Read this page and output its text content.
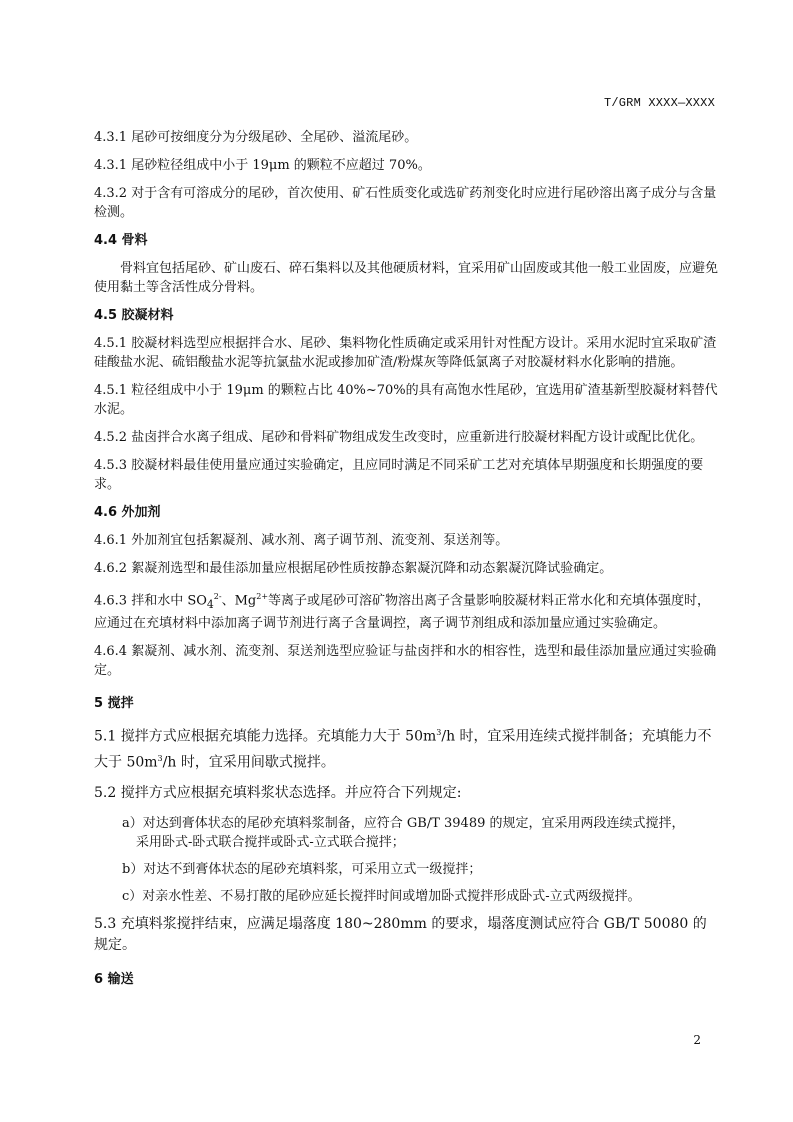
T/GRM XXXX—XXXX

4.3.1 尾砂可按细度分为分级尾砂、全尾砂、溢流尾砂。

4.3.1 尾砂粒径组成中小于 19μm 的颗粒不应超过 70%。

4.3.2 对于含有可溶成分的尾砂，首次使用、矿石性质变化或选矿药剂变化时应进行尾砂溶出离子成分与含量检测。

4.4 骨料

骨料宜包括尾砂、矿山废石、碎石集料以及其他硬质材料，宜采用矿山固废或其他一般工业固废，应避免使用黏土等含活性成分骨料。

4.5 胶凝材料

4.5.1 胶凝材料选型应根据拌合水、尾砂、集料物化性质确定或采用针对性配方设计。采用水泥时宜采取矿渣硅酸盐水泥、硫铝酸盐水泥等抗氯盐水泥或掺加矿渣/粉煤灰等降低氯离子对胶凝材料水化影响的措施。

4.5.1 粒径组成中小于 19μm 的颗粒占比 40%~70%的具有高饱水性尾砂，宜选用矿渣基新型胶凝材料替代水泥。

4.5.2 盐卤拌合水离子组成、尾砂和骨料矿物组成发生改变时，应重新进行胶凝材料配方设计或配比优化。

4.5.3 胶凝材料最佳使用量应通过实验确定，且应同时满足不同采矿工艺对充填体早期强度和长期强度的要求。

4.6 外加剂

4.6.1 外加剂宜包括絮凝剂、减水剂、离子调节剂、流变剂、泵送剂等。

4.6.2 絮凝剂选型和最佳添加量应根据尾砂性质按静态絮凝沉降和动态絮凝沉降试验确定。

4.6.3 拌和水中 $SO_4^{2-}$、$Mg^{2+}$等离子或尾砂可溶矿物溶出离子含量影响胶凝材料正常水化和充填体强度时，应通过在充填材料中添加离子调节剂进行离子含量调控，离子调节剂组成和添加量应通过实验确定。

4.6.4 絮凝剂、减水剂、流变剂、泵送剂选型应验证与盐卤拌和水的相容性，选型和最佳添加量应通过实验确定。

5 搅拌

5.1 搅拌方式应根据充填能力选择。充填能力大于 $50m^3/h$ 时，宜采用连续式搅拌制备；充填能力不大于 $50m^3/h$ 时，宜采用间歇式搅拌。

5.2 搅拌方式应根据充填料浆状态选择。并应符合下列规定:

a）对达到膏体状态的尾砂充填料浆制备，应符合 GB/T 39489 的规定，宜采用两段连续式搅拌，
采用卧式-卧式联合搅拌或卧式-立式联合搅拌；

b）对达不到膏体状态的尾砂充填料浆，可采用立式一级搅拌；

c）对亲水性差、不易打散的尾砂应延长搅拌时间或增加卧式搅拌形成卧式-立式两级搅拌。

5.3 充填料浆搅拌结束，应满足塌落度 180~280mm 的要求，塌落度测试应符合 GB/T 50080 的规定。

6 输送

2
